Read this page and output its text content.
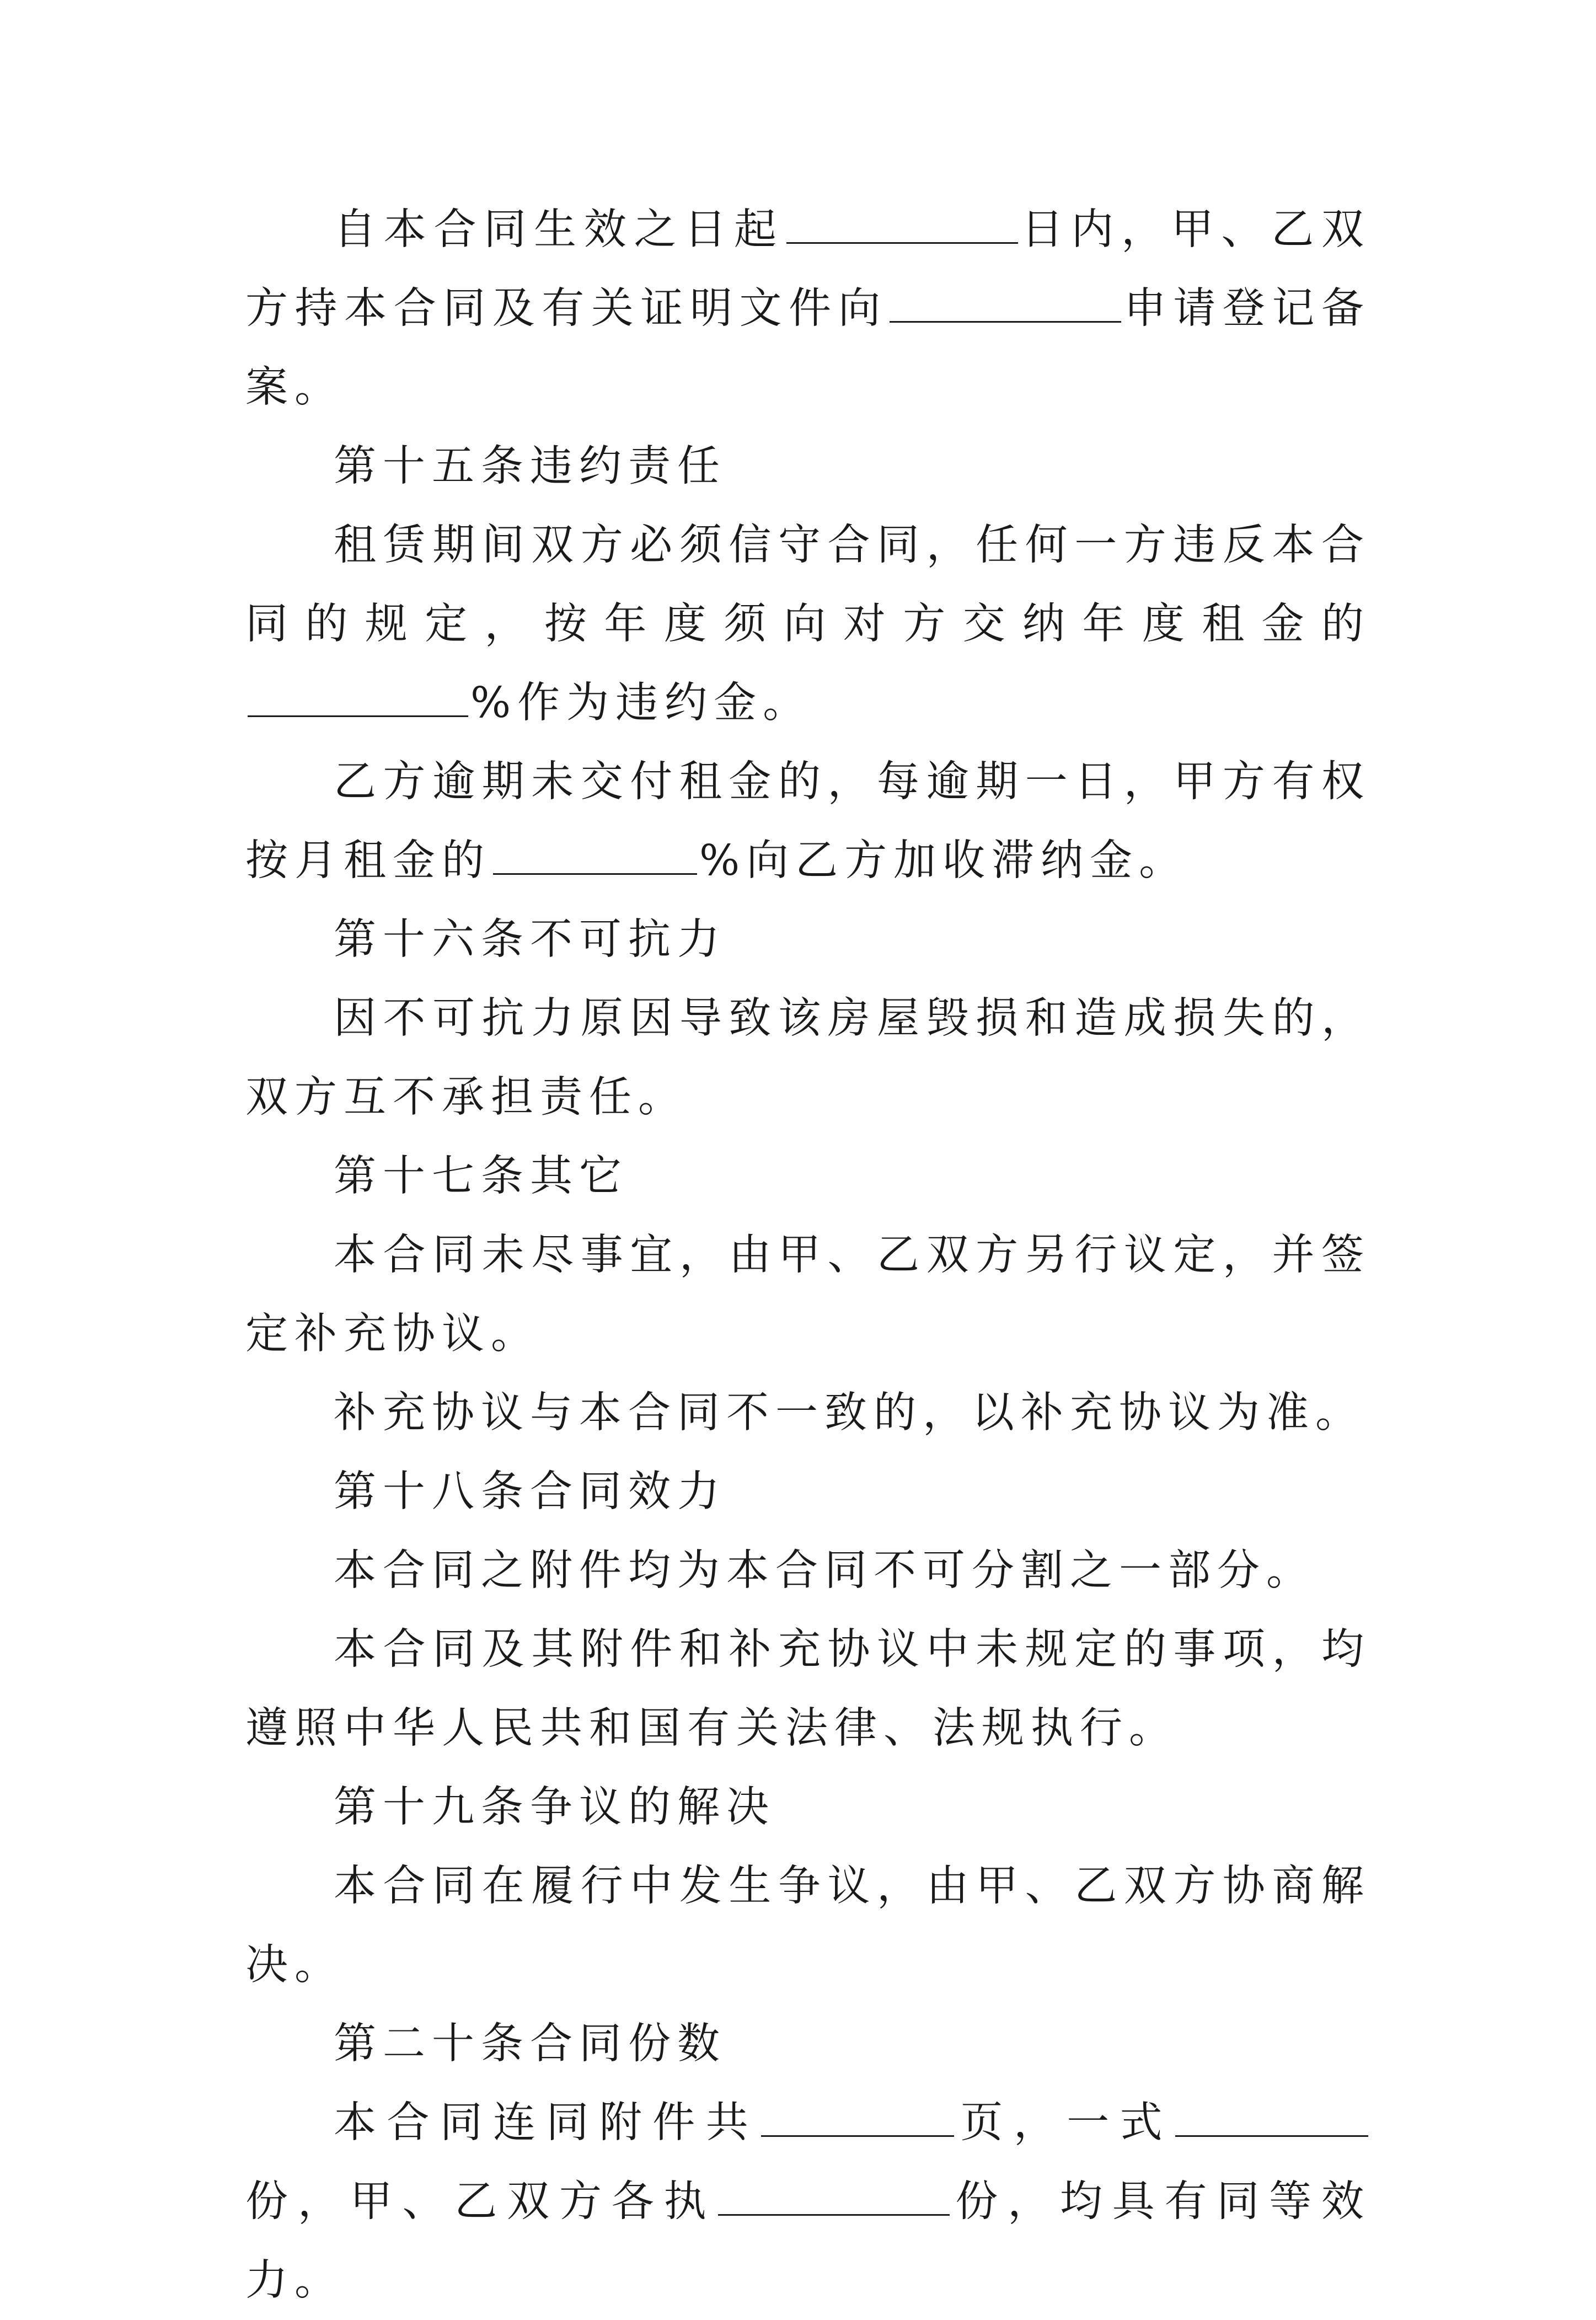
自本合同生效之日起	日内，甲、乙双方持本合同及有关证明文件向	申请登记备案。

第十五条违约责任

租赁期间双方必须信守合同，任何一方违反本合同的规定，按年度须向对方交纳年度租金的%作为违约金。

乙方逾期未交付租金的，每逾期一日，甲方有权按月租金的	%向乙方加收滞纳金。

第十六条不可抗力

因不可抗力原因导致该房屋毁损和造成损失的，双方互不承担责任。

第十七条其它

本合同未尽事宜，由甲、乙双方另行议定，并签定补充协议。

补充协议与本合同不一致的，以补充协议为准。

第十八条合同效力

本合同之附件均为本合同不可分割之一部分。

本合同及其附件和补充协议中未规定的事项，均遵照中华人民共和国有关法律、法规执行。

第十九条争议的解决

本合同在履行中发生争议，由甲、乙双方协商解决。

第二十条合同份数

本合同连同附件共	页，一式份，甲、乙双方各执	份，均具有同等效力。
